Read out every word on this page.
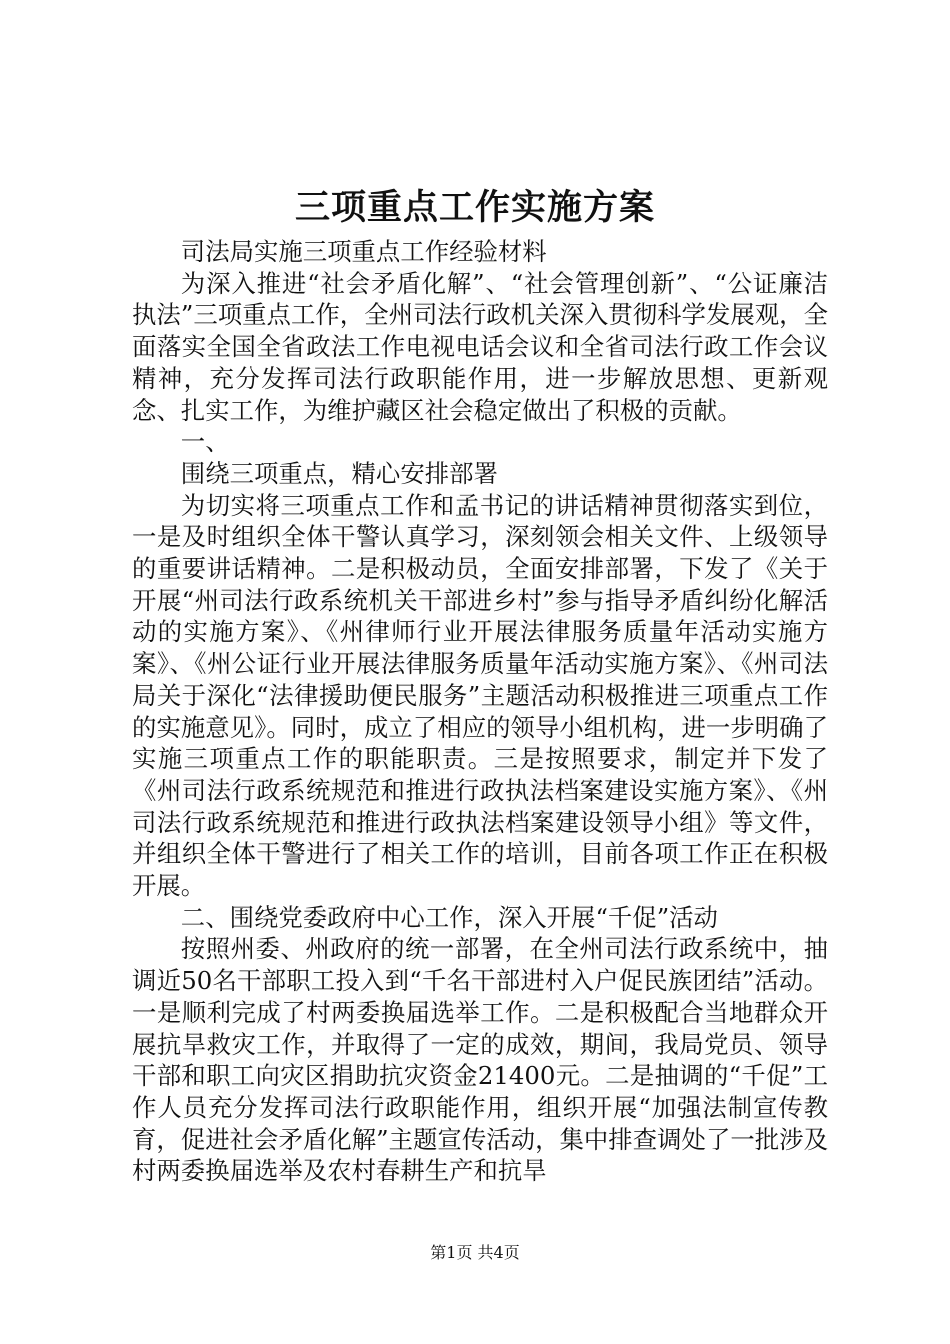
三项重点工作实施方案

司法局实施三项重点工作经验材料

为深入推进“社会矛盾化解”、“社会管理创新”、“公证廉洁执法”三项重点工作，全州司法行政机关深入贯彻科学发展观，全面落实全国全省政法工作电视电话会议和全省司法行政工作会议精神，充分发挥司法行政职能作用，进一步解放思想、更新观念、扎实工作，为维护藏区社会稳定做出了积极的贡献。

一、

围绕三项重点，精心安排部署

为切实将三项重点工作和孟书记的讲话精神贯彻落实到位，一是及时组织全体干警认真学习，深刻领会相关文件、上级领导的重要讲话精神。二是积极动员，全面安排部署，下发了《关于开展“州司法行政系统机关干部进乡村”参与指导矛盾纠纷化解活动的实施方案》、《州律师行业开展法律服务质量年活动实施方案》、《州公证行业开展法律服务质量年活动实施方案》、《州司法局关于深化“法律援助便民服务”主题活动积极推进三项重点工作的实施意见》。同时，成立了相应的领导小组机构，进一步明确了实施三项重点工作的职能职责。三是按照要求，制定并下发了《州司法行政系统规范和推进行政执法档案建设实施方案》、《州司法行政系统规范和推进行政执法档案建设领导小组》等文件，并组织全体干警进行了相关工作的培训，目前各项工作正在积极开展。

二、围绕党委政府中心工作，深入开展“千促”活动

按照州委、州政府的统一部署，在全州司法行政系统中，抽调近50名干部职工投入到“千名干部进村入户促民族团结”活动。一是顺利完成了村两委换届选举工作。二是积极配合当地群众开展抗旱救灾工作，并取得了一定的成效，期间，我局党员、领导干部和职工向灾区捐助抗灾资金21400元。二是抽调的“千促”工作人员充分发挥司法行政职能作用，组织开展“加强法制宣传教育，促进社会矛盾化解”主题宣传活动，集中排查调处了一批涉及村两委换届选举及农村春耕生产和抗旱

第1页 共4页
